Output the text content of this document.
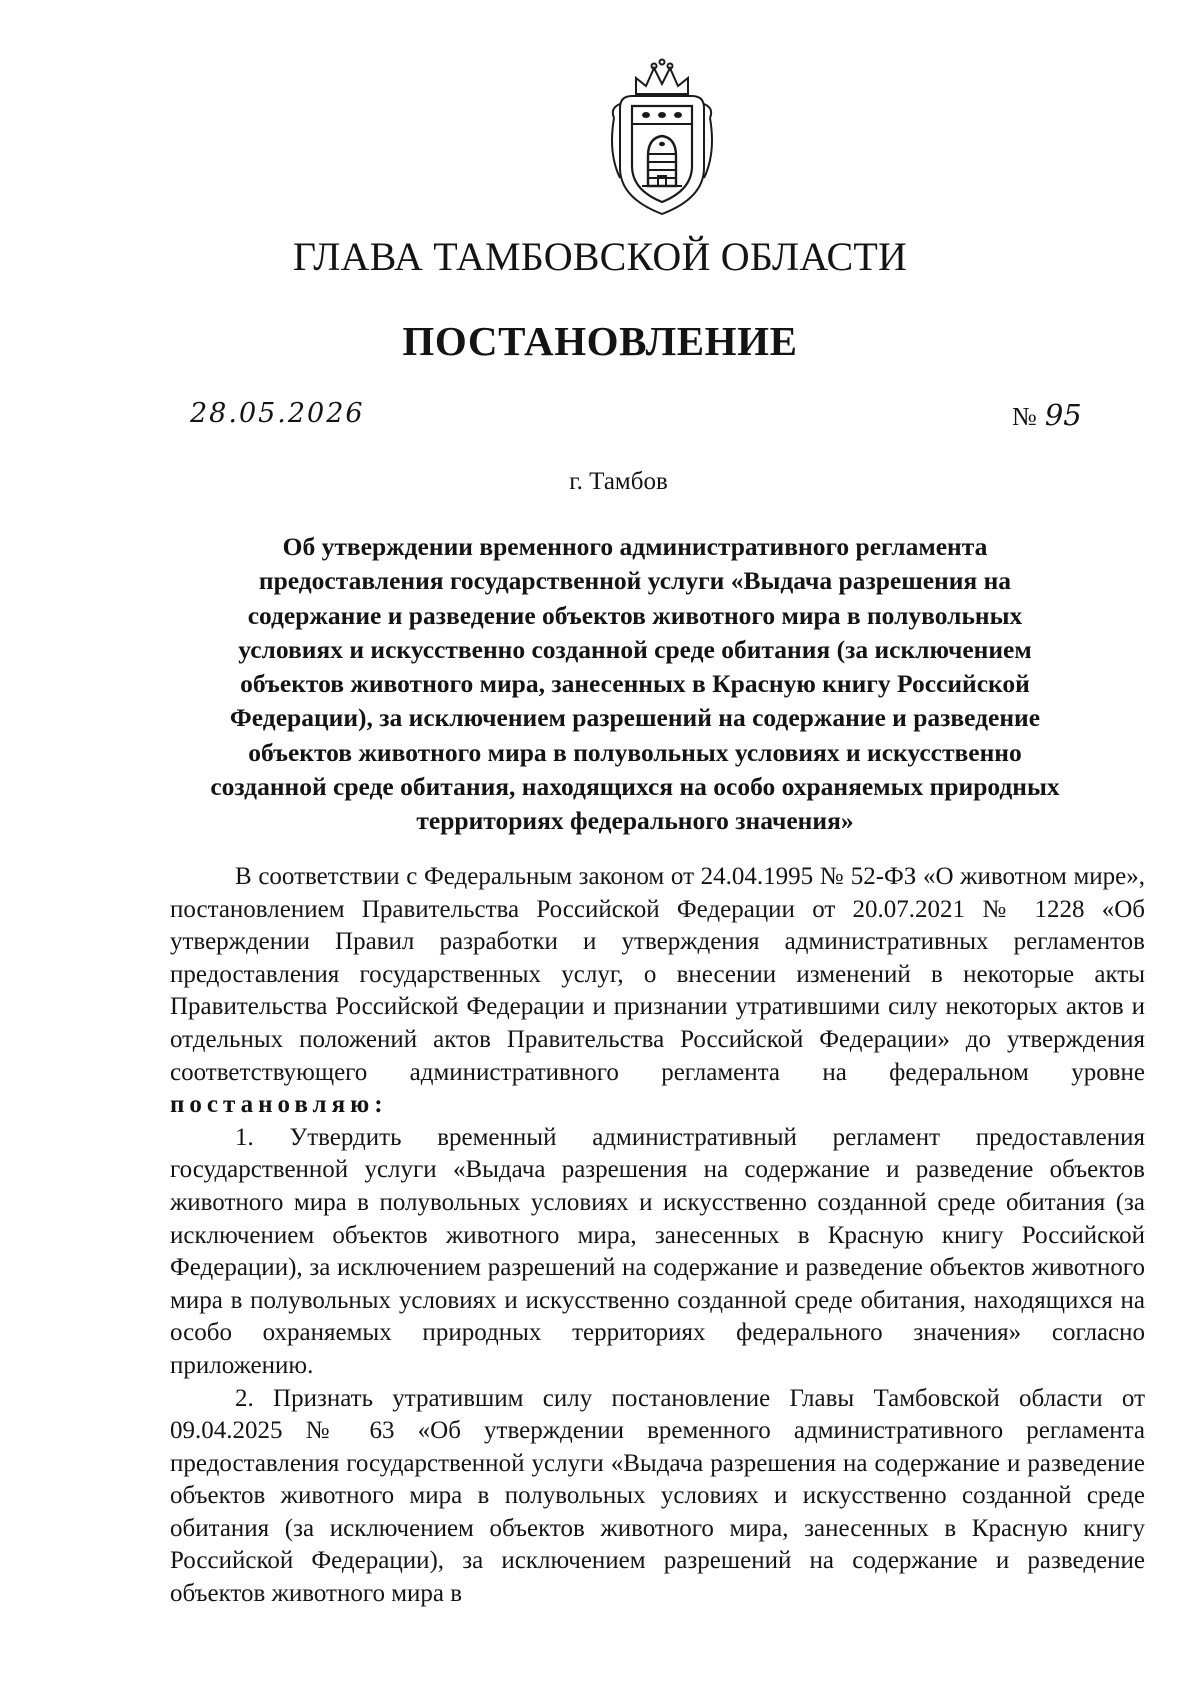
ГЛАВА ТАМБОВСКОЙ ОБЛАСТИ
ПОСТАНОВЛЕНИЕ
28.05.2026	№ 95
г. Тамбов
Об утверждении временного административного регламента
предоставления государственной услуги «Выдача разрешения на
содержание и разведение объектов животного мира в полувольных
условиях и искусственно созданной среде обитания (за исключением
объектов животного мира, занесенных в Красную книгу Российской
Федерации), за исключением разрешений на содержание и разведение
объектов животного мира в полувольных условиях и искусственно
созданной среде обитания, находящихся на особо охраняемых природных
территориях федерального значения»

В соответствии с Федеральным законом от 24.04.1995 № 52-ФЗ «О животном мире», постановлением Правительства Российской Федерации от 20.07.2021 № 1228 «Об утверждении Правил разработки и утверждения административных регламентов предоставления государственных услуг, о внесении изменений в некоторые акты Правительства Российской Федерации и признании утратившими силу некоторых актов и отдельных положений актов Правительства Российской Федерации» до утверждения соответствующего административного регламента на федеральном уровне постановляю:

1. Утвердить временный административный регламент предоставления государственной услуги «Выдача разрешения на содержание и разведение объектов животного мира в полувольных условиях и искусственно созданной среде обитания (за исключением объектов животного мира, занесенных в Красную книгу Российской Федерации), за исключением разрешений на содержание и разведение объектов животного мира в полувольных условиях и искусственно созданной среде обитания, находящихся на особо охраняемых природных территориях федерального значения» согласно приложению.

2. Признать утратившим силу постановление Главы Тамбовской области от 09.04.2025 № 63 «Об утверждении временного административного регламента предоставления государственной услуги «Выдача разрешения на содержание и разведение объектов животного мира в полувольных условиях и искусственно созданной среде обитания (за исключением объектов животного мира, занесенных в Красную книгу Российской Федерации), за исключением разрешений на содержание и разведение объектов животного мира в
